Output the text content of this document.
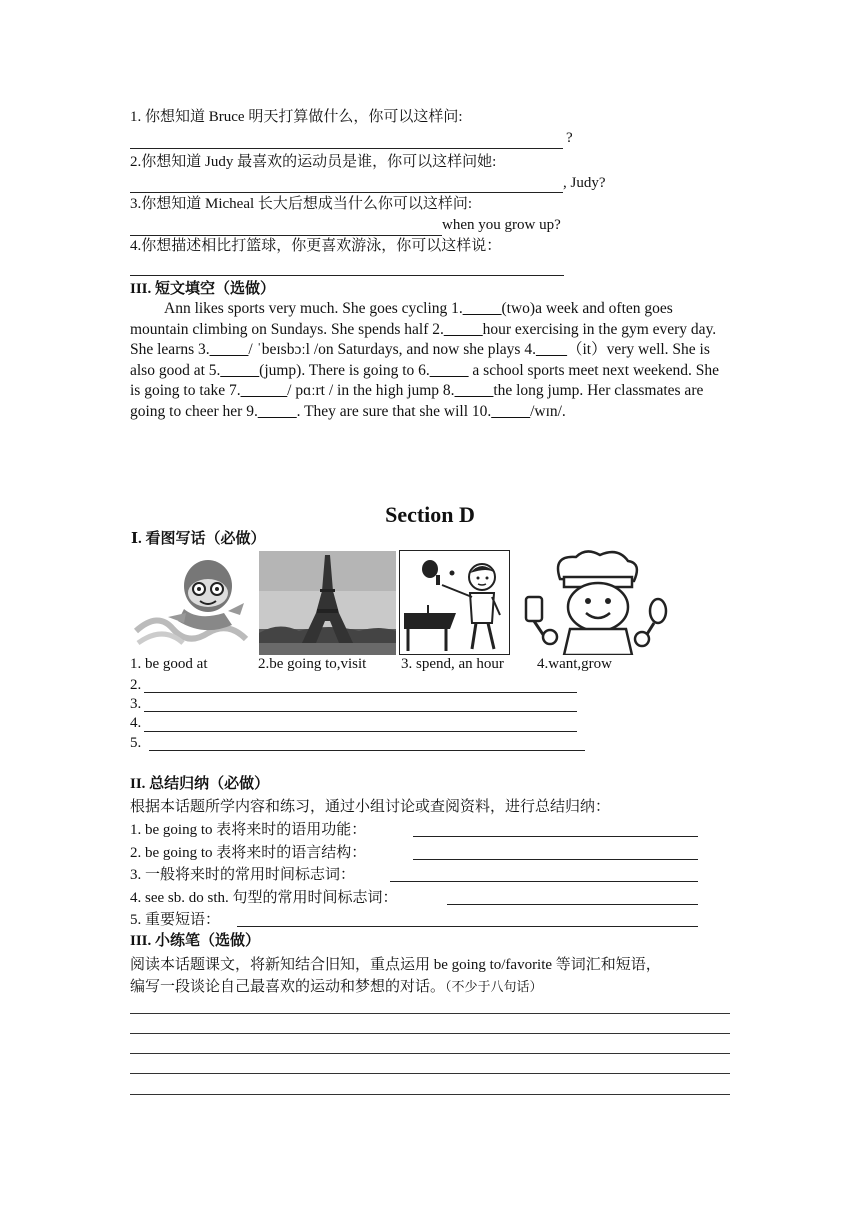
1. 你想知道 Bruce 明天打算做什么，你可以这样问:
?
2.你想知道 Judy 最喜欢的运动员是谁，你可以这样问她:
, Judy?
3.你想知道 Micheal 长大后想成当什么你可以这样问:
when you grow up?
4.你想描述相比打篮球，你更喜欢游泳，你可以这样说：
III. 短文填空（选做）
Ann likes sports very much. She goes cycling 1._____(two)a week and often goes mountain climbing on Sundays. She spends half 2._____hour exercising in the gym every day. She learns 3._____/ ˈbeɪsbɔːl /on Saturdays, and now she plays 4.____（it）very well. She is also good at 5._____(jump). There is going to 6._____ a school sports meet next weekend. She is going to take 7.______/ pɑːrt / in the high jump 8._____the long jump. Her classmates are going to cheer her 9._____. They are sure that she will 10._____/wɪn/.
Section D
Ⅰ. 看图写话（必做）
1. be good at	2.be going to,visit 3. spend, an hour 4.want,grow
2.
3.
4.
5.
II. 总结归纳（必做）
根据本话题所学内容和练习，通过小组讨论或查阅资料，进行总结归纳：
1. be going to 表将来时的语用功能：
2. be going to 表将来时的语言结构：
3. 一般将来时的常用时间标志词：
4. see sb. do sth. 句型的常用时间标志词：
5. 重要短语：
III. 小练笔（选做）
阅读本话题课文，将新知结合旧知，重点运用 be going to/favorite 等词汇和短语，
编写一段谈论自己最喜欢的运动和梦想的对话。（不少于八句话）
